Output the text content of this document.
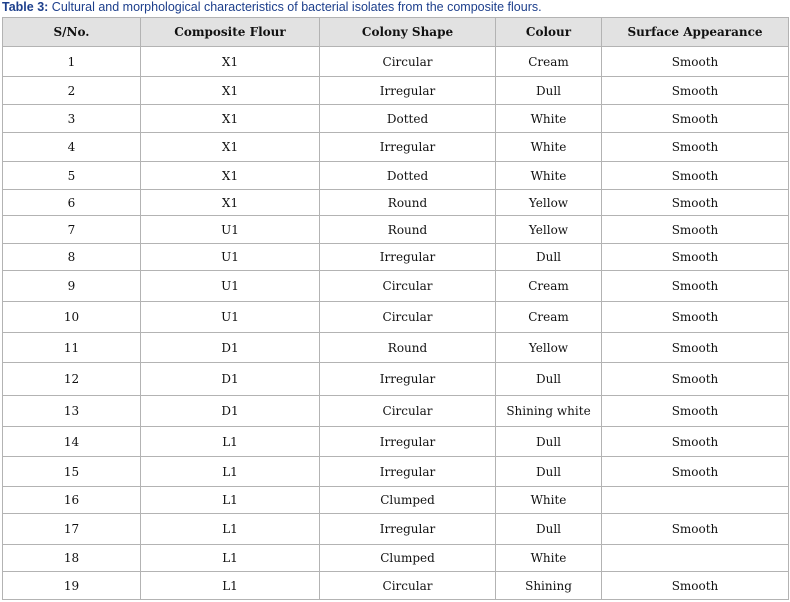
Table 3: Cultural and morphological characteristics of bacterial isolates from the composite flours.
S/No.	Composite Flour	Colony Shape	Colour	Surface Appearance
1	X1	Circular	Cream	Smooth
2	X1	Irregular	Dull	Smooth
3	X1	Dotted	White	Smooth
4	X1	Irregular	White	Smooth
5	X1	Dotted	White	Smooth
6	X1	Round	Yellow	Smooth
7	U1	Round	Yellow	Smooth
8	U1	Irregular	Dull	Smooth
9	U1	Circular	Cream	Smooth
10	U1	Circular	Cream	Smooth
11	D1	Round	Yellow	Smooth
12	D1	Irregular	Dull	Smooth
13	D1	Circular	Shining white	Smooth
14	L1	Irregular	Dull	Smooth
15	L1	Irregular	Dull	Smooth
16	L1	Clumped	White	
17	L1	Irregular	Dull	Smooth
18	L1	Clumped	White	
19	L1	Circular	Shining	Smooth
